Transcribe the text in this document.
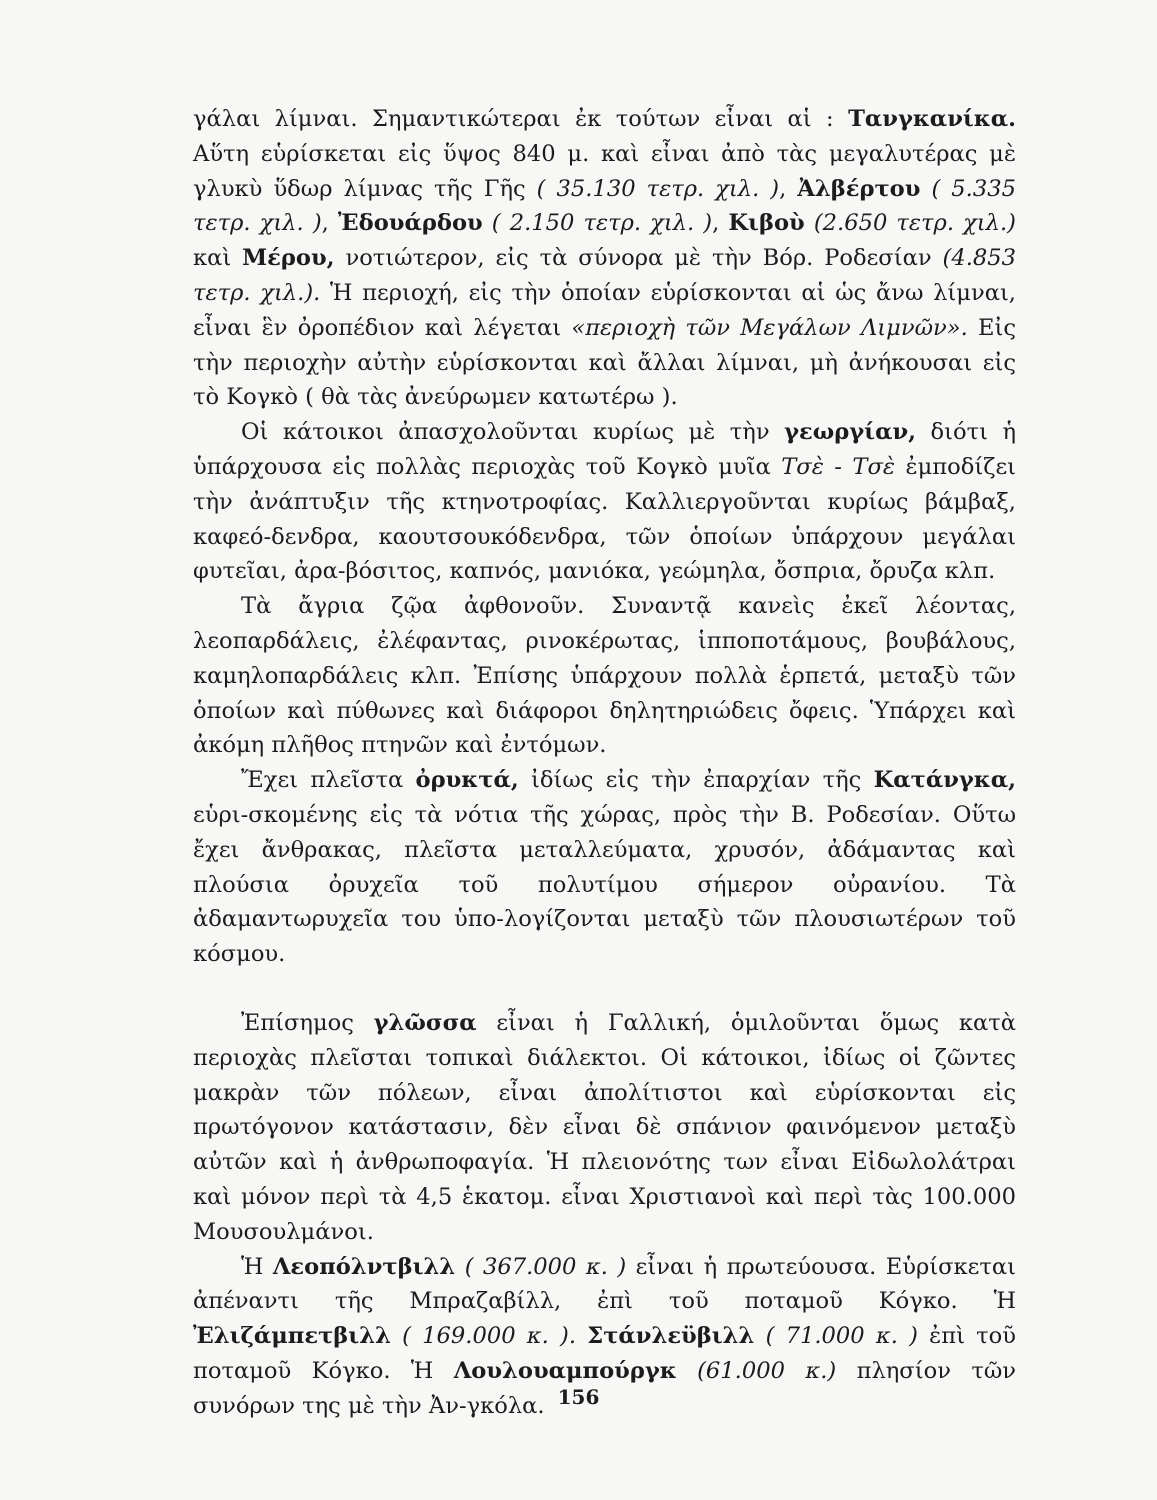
γάλαι λίμναι. Σημαντικώτεραι ἐκ τούτων εἶναι αἱ : Τανγκανίκα. Αὕτη εὑρίσκεται εἰς ὕψος 840 μ. καὶ εἶναι ἀπὸ τὰς μεγαλυτέρας μὲ γλυκὺ ὕδωρ λίμνας τῆς Γῆς ( 35.130 τετρ. χιλ. ), Ἀλβέρτου ( 5.335 τετρ. χιλ. ), Ἐδουάρδου ( 2.150 τετρ. χιλ. ), Κιβοὺ (2.650 τετρ. χιλ.) καὶ Μέρου, νοτιώτερον, εἰς τὰ σύνορα μὲ τὴν Βόρ. Ροδεσίαν (4.853 τετρ. χιλ.). Ἡ περιοχή, εἰς τὴν ὁποίαν εὑρίσκονται αἱ ὡς ἄνω λίμναι, εἶναι ἓν ὀροπέδιον καὶ λέγεται «περιοχὴ τῶν Μεγάλων Λιμνῶν». Εἰς τὴν περιοχὴν αὐτὴν εὑρίσκονται καὶ ἄλλαι λίμναι, μὴ ἀνήκουσαι εἰς τὸ Κογκὸ ( θὰ τὰς ἀνεύρωμεν κατωτέρω ).

Οἱ κάτοικοι ἀπασχολοῦνται κυρίως μὲ τὴν γεωργίαν, διότι ἡ ὑπάρχουσα εἰς πολλὰς περιοχὰς τοῦ Κογκὸ μυῖα Τσὲ - Τσὲ ἐμποδίζει τὴν ἀνάπτυξιν τῆς κτηνοτροφίας. Καλλιεργοῦνται κυρίως βάμβαξ, καφεό-δενδρα, καουτσουκόδενδρα, τῶν ὁποίων ὑπάρχουν μεγάλαι φυτεῖαι, ἀρα-βόσιτος, καπνός, μανιόκα, γεώμηλα, ὄσπρια, ὄρυζα κλπ.

Τὰ ἄγρια ζῷα ἀφθονοῦν. Συναντᾷ κανεὶς ἐκεῖ λέοντας, λεοπαρδάλεις, ἐλέφαντας, ρινοκέρωτας, ἱπποποτάμους, βουβάλους, καμηλοπαρδάλεις κλπ. Ἐπίσης ὑπάρχουν πολλὰ ἑρπετά, μεταξὺ τῶν ὁποίων καὶ πύθωνες καὶ διάφοροι δηλητηριώδεις ὄφεις. Ὑπάρχει καὶ ἀκόμη πλῆθος πτηνῶν καὶ ἐντόμων.

Ἔχει πλεῖστα ὀρυκτά, ἰδίως εἰς τὴν ἐπαρχίαν τῆς Κατάνγκα, εὑρι-σκομένης εἰς τὰ νότια τῆς χώρας, πρὸς τὴν Β. Ροδεσίαν. Οὕτω ἔχει ἄνθρακας, πλεῖστα μεταλλεύματα, χρυσόν, ἀδάμαντας καὶ πλούσια ὀρυχεῖα τοῦ πολυτίμου σήμερον οὐρανίου. Τὰ ἀδαμαντωρυχεῖα του ὑπο-λογίζονται μεταξὺ τῶν πλουσιωτέρων τοῦ κόσμου.

Ἐπίσημος γλῶσσα εἶναι ἡ Γαλλική, ὁμιλοῦνται ὅμως κατὰ περιοχὰς πλεῖσται τοπικαὶ διάλεκτοι. Οἱ κάτοικοι, ἰδίως οἱ ζῶντες μακρὰν τῶν πόλεων, εἶναι ἀπολίτιστοι καὶ εὑρίσκονται εἰς πρωτόγονον κατάστασιν, δὲν εἶναι δὲ σπάνιον φαινόμενον μεταξὺ αὐτῶν καὶ ἡ ἀνθρωποφαγία. Ἡ πλειονότης των εἶναι Εἰδωλολάτραι καὶ μόνον περὶ τὰ 4,5 ἑκατομ. εἶναι Χριστιανοὶ καὶ περὶ τὰς 100.000 Μουσουλμάνοι.

Ἡ Λεοπόλντβιλλ ( 367.000 κ. ) εἶναι ἡ πρωτεύουσα. Εὑρίσκεται ἀπέναντι τῆς Μπραζαβίλλ, ἐπὶ τοῦ ποταμοῦ Κόγκο. Ἡ Ἐλιζάμπετβιλλ ( 169.000 κ. ). Στάνλεϋβιλλ ( 71.000 κ. ) ἐπὶ τοῦ ποταμοῦ Κόγκο. Ἡ Λουλουαμπούργκ (61.000 κ.) πλησίον τῶν συνόρων της μὲ τὴν Ἀν-γκόλα. 156
